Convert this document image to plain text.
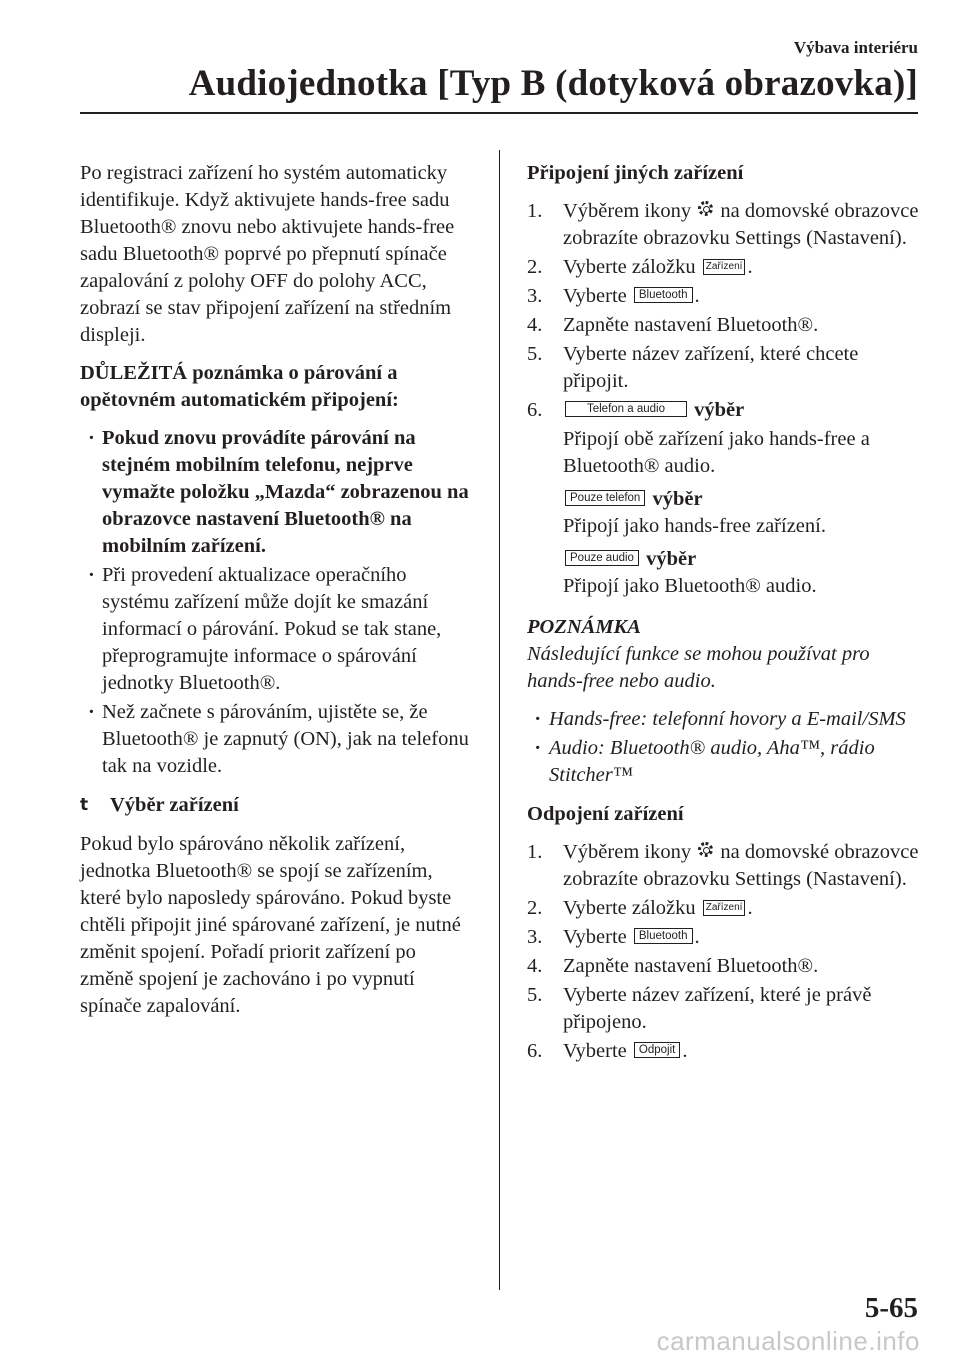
Výbava interiéru
Audiojednotka [Typ B (dotyková obrazovka)]

Po registraci zařízení ho systém automaticky identifikuje. Když aktivujete hands-free sadu Bluetooth® znovu nebo aktivujete hands-free sadu Bluetooth® poprvé po přepnutí spínače zapalování z polohy OFF do polohy ACC, zobrazí se stav připojení zařízení na středním displeji.

DŮLEŽITÁ poznámka o párování a opětovném automatickém připojení:

· Pokud znovu provádíte párování na stejném mobilním telefonu, nejprve vymažte položku „Mazda“ zobrazenou na obrazovce nastavení Bluetooth® na mobilním zařízení.
· Při provedení aktualizace operačního systému zařízení může dojít ke smazání informací o párování. Pokud se tak stane, přeprogramujte informace o spárování jednotky Bluetooth®.
· Než začnete s párováním, ujistěte se, že Bluetooth® je zapnutý (ON), jak na telefonu tak na vozidle.
t Výběr zařízení

Pokud bylo spárováno několik zařízení, jednotka Bluetooth® se spojí se zařízením, které bylo naposledy spárováno. Pokud byste chtěli připojit jiné spárované zařízení, je nutné změnit spojení. Pořadí priorit zařízení po změně spojení je zachováno i po vypnutí spínače zapalování.

Připojení jiných zařízení

1. Výběrem ikony na domovské obrazovce zobrazíte obrazovku Settings (Nastavení).
2. Vyberte záložku Zařízení .
3. Vyberte Bluetooth .
4. Zapněte nastavení Bluetooth®.
5. Vyberte název zařízení, které chcete připojit.
6.	Telefon a audio výběr
Připojí obě zařízení jako hands-free a Bluetooth® audio.
Pouze telefon výběr
Připojí jako hands-free zařízení.
Pouze audio výběr
Připojí jako Bluetooth® audio.

POZNÁMKA

Následující funkce se mohou používat pro hands-free nebo audio.

· Hands-free: telefonní hovory a E-mail/SMS
· Audio: Bluetooth® audio, Aha™, rádio Stitcher™

Odpojení zařízení

1. Výběrem ikony na domovské obrazovce zobrazíte obrazovku Settings (Nastavení).
2. Vyberte záložku Zařízení .
3. Vyberte Bluetooth .
4. Zapněte nastavení Bluetooth®.
5. Vyberte název zařízení, které je právě připojeno.
6. Vyberte Odpojit .
5-65
carmanualsonline.info
